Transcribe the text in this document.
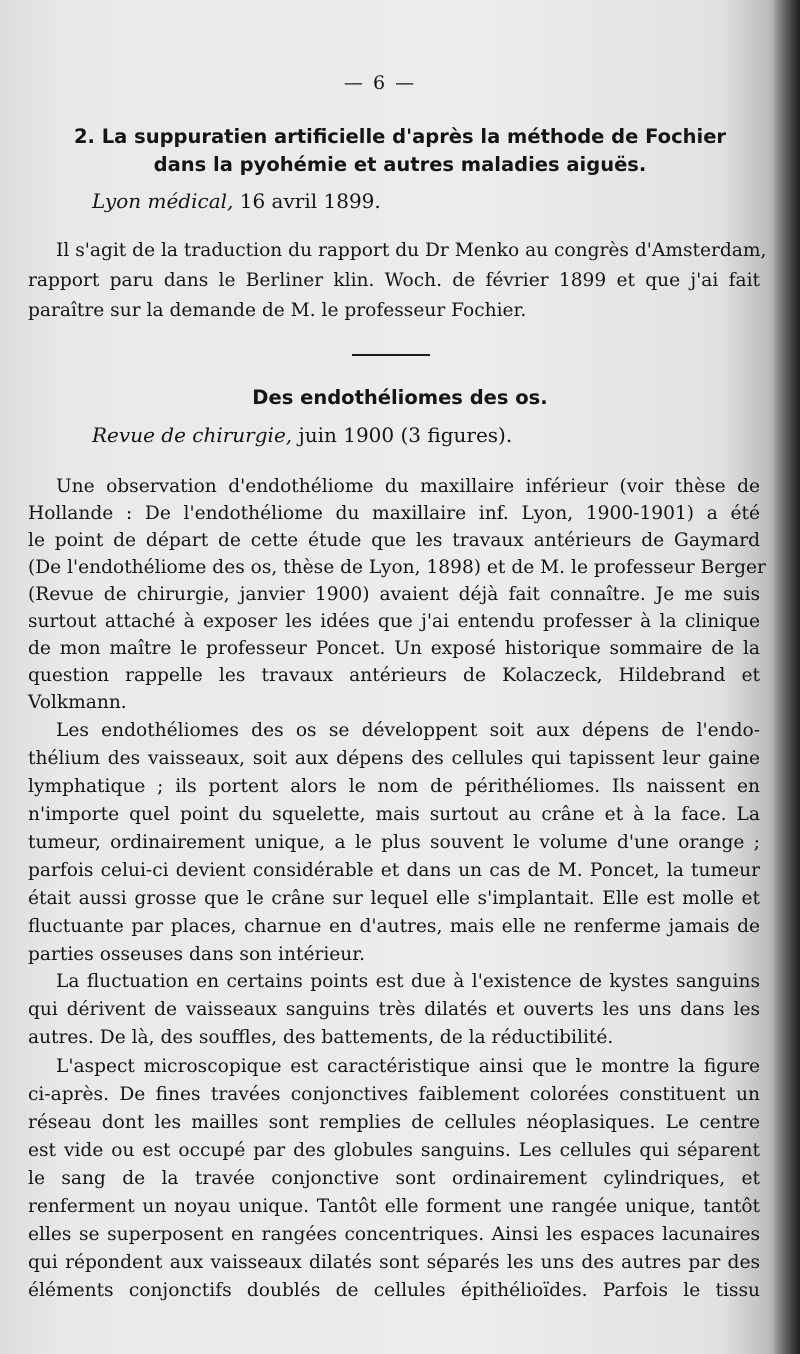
— 6 —
2. La suppuratien artificielle d'après la méthode de Fochier
dans la pyohémie et autres maladies aiguës.
Lyon médical, 16 avril 1899.
Il s'agit de la traduction du rapport du Dr Menko au congrès d'Amsterdam,
rapport paru dans le Berliner klin. Woch. de février 1899 et que j'ai fait
paraître sur la demande de M. le professeur Fochier.
Des endothéliomes des os.
Revue de chirurgie, juin 1900 (3 figures).
Une observation d'endothéliome du maxillaire inférieur (voir thèse de
Hollande : De l'endothéliome du maxillaire inf. Lyon, 1900-1901) a été
le point de départ de cette étude que les travaux antérieurs de Gaymard
(De l'endothéliome des os, thèse de Lyon, 1898) et de M. le professeur Berger
(Revue de chirurgie, janvier 1900) avaient déjà fait connaître. Je me suis
surtout attaché à exposer les idées que j'ai entendu professer à la clinique
de mon maître le professeur Poncet. Un exposé historique sommaire de la
question rappelle les travaux antérieurs de Kolaczeck, Hildebrand et
Volkmann.
Les endothéliomes des os se développent soit aux dépens de l'endo-
thélium des vaisseaux, soit aux dépens des cellules qui tapissent leur gaine
lymphatique ; ils portent alors le nom de périthéliomes. Ils naissent en
n'importe quel point du squelette, mais surtout au crâne et à la face. La
tumeur, ordinairement unique, a le plus souvent le volume d'une orange ;
parfois celui-ci devient considérable et dans un cas de M. Poncet, la tumeur
était aussi grosse que le crâne sur lequel elle s'implantait. Elle est molle et
fluctuante par places, charnue en d'autres, mais elle ne renferme jamais de
parties osseuses dans son intérieur.
La fluctuation en certains points est due à l'existence de kystes sanguins
qui dérivent de vaisseaux sanguins très dilatés et ouverts les uns dans les
autres. De là, des souffles, des battements, de la réductibilité.
L'aspect microscopique est caractéristique ainsi que le montre la figure
ci-après. De fines travées conjonctives faiblement colorées constituent un
réseau dont les mailles sont remplies de cellules néoplasiques. Le centre
est vide ou est occupé par des globules sanguins. Les cellules qui séparent
le sang de la travée conjonctive sont ordinairement cylindriques, et
renferment un noyau unique. Tantôt elle forment une rangée unique, tantôt
elles se superposent en rangées concentriques. Ainsi les espaces lacunaires
qui répondent aux vaisseaux dilatés sont séparés les uns des autres par des
éléments conjonctifs doublés de cellules épithélioïdes. Parfois le tissu
